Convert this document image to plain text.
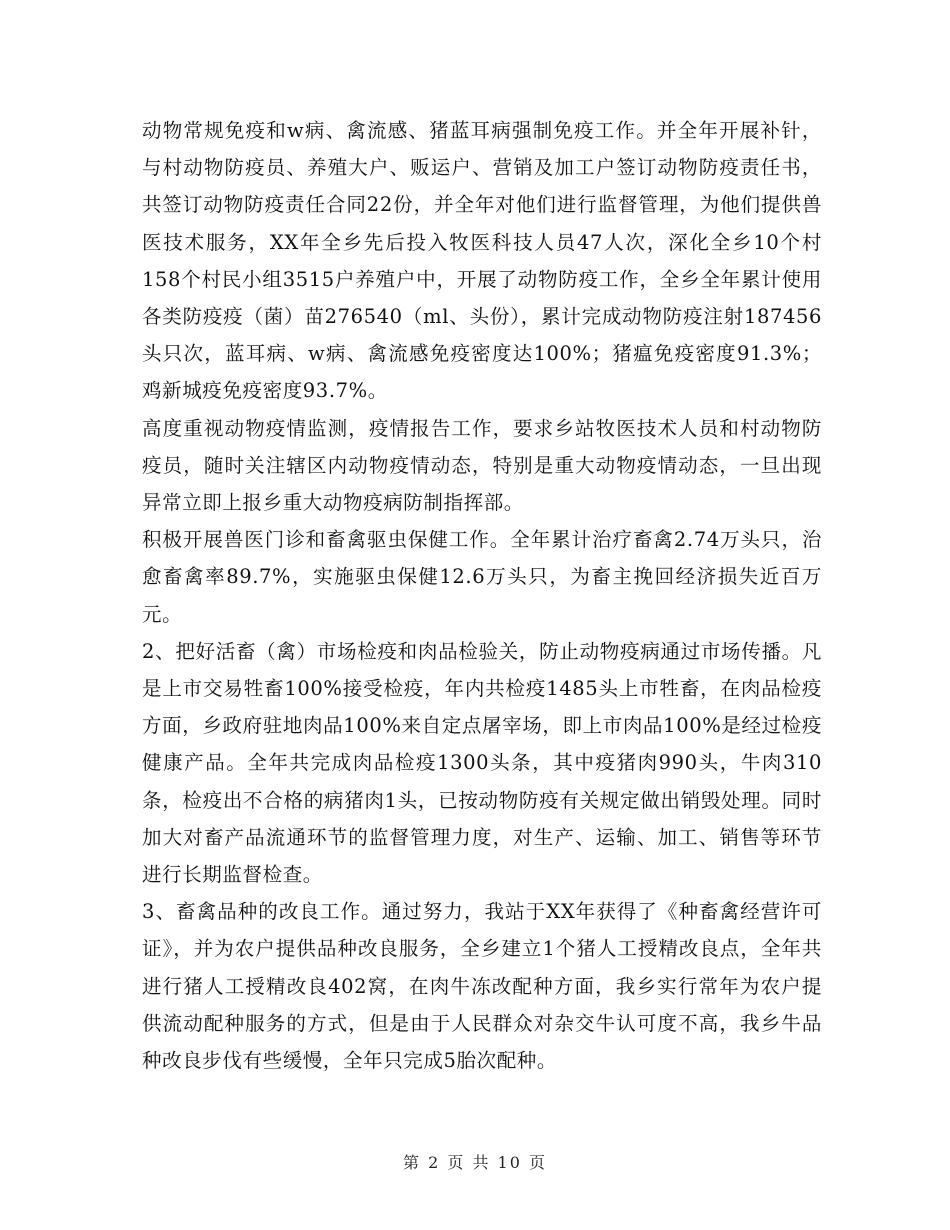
动物常规免疫和w病、禽流感、猪蓝耳病强制免疫工作。并全年开展补针，与村动物防疫员、养殖大户、贩运户、营销及加工户签订动物防疫责任书，共签订动物防疫责任合同22份，并全年对他们进行监督管理，为他们提供兽医技术服务，XX年全乡先后投入牧医科技人员47人次，深化全乡10个村158个村民小组3515户养殖户中，开展了动物防疫工作，全乡全年累计使用各类防疫疫（菌）苗276540（ml、头份），累计完成动物防疫注射187456头只次，蓝耳病、w病、禽流感免疫密度达100%；猪瘟免疫密度91.3%；鸡新城疫免疫密度93.7%。

高度重视动物疫情监测，疫情报告工作，要求乡站牧医技术人员和村动物防疫员，随时关注辖区内动物疫情动态，特别是重大动物疫情动态，一旦出现异常立即上报乡重大动物疫病防制指挥部。

积极开展兽医门诊和畜禽驱虫保健工作。全年累计治疗畜禽2.74万头只，治愈畜禽率89.7%，实施驱虫保健12.6万头只，为畜主挽回经济损失近百万元。

2、把好活畜（禽）市场检疫和肉品检验关，防止动物疫病通过市场传播。凡是上市交易牲畜100%接受检疫，年内共检疫1485头上市牲畜，在肉品检疫方面，乡政府驻地肉品100%来自定点屠宰场，即上市肉品100%是经过检疫健康产品。全年共完成肉品检疫1300头条，其中疫猪肉990头，牛肉310条，检疫出不合格的病猪肉1头，已按动物防疫有关规定做出销毁处理。同时加大对畜产品流通环节的监督管理力度，对生产、运输、加工、销售等环节进行长期监督检查。

3、畜禽品种的改良工作。通过努力，我站于XX年获得了《种畜禽经营许可证》，并为农户提供品种改良服务，全乡建立1个猪人工授精改良点，全年共进行猪人工授精改良402窝，在肉牛冻改配种方面，我乡实行常年为农户提供流动配种服务的方式，但是由于人民群众对杂交牛认可度不高，我乡牛品种改良步伐有些缓慢，全年只完成5胎次配种。

第 2 页 共 10 页
